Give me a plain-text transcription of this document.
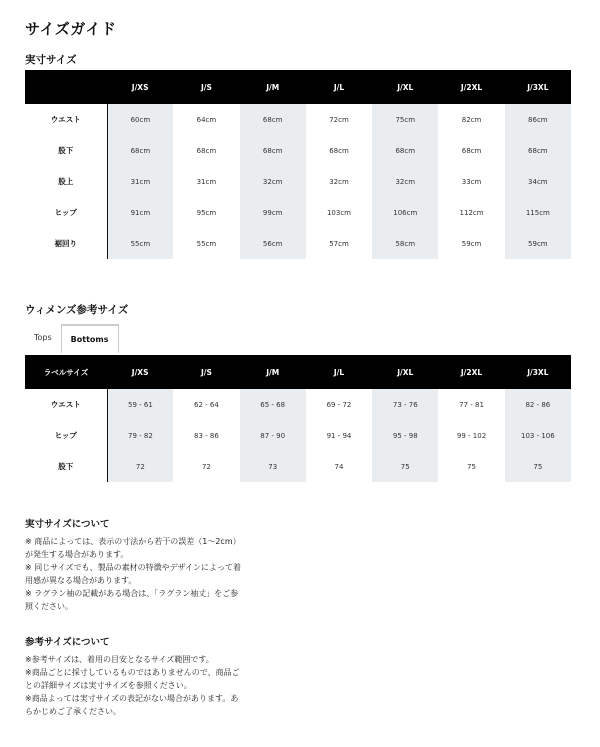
サイズガイド
実寸サイズ
	J/XS	J/S	J/M	J/L	J/XL	J/2XL	J/3XL
ウエスト	60cm	64cm	68cm	72cm	75cm	82cm	86cm
股下	68cm	68cm	68cm	68cm	68cm	68cm	68cm
股上	31cm	31cm	32cm	32cm	32cm	33cm	34cm
ヒップ	91cm	95cm	99cm	103cm	106cm	112cm	115cm
裾回り	55cm	55cm	56cm	57cm	58cm	59cm	59cm
ウィメンズ参考サイズ
Tops	Bottoms
ラベルサイズ	J/XS	J/S	J/M	J/L	J/XL	J/2XL	J/3XL
ウエスト	59 - 61	62 - 64	65 - 68	69 - 72	73 - 76	77 - 81	82 - 86
ヒップ	79 - 82	83 - 86	87 - 90	91 - 94	95 - 98	99 - 102	103 - 106
股下	72	72	73	74	75	75	75
実寸サイズについて
※ 商品によっては、表示の寸法から若干の誤差（1〜2cm）
が発生する場合があります。
※ 同じサイズでも、製品の素材の特徴やデザインによって着
用感が異なる場合があります。
※ ラグラン袖の記載がある場合は、「ラグラン袖丈」をご参
照ください。
参考サイズについて
※参考サイズは、着用の目安となるサイズ範囲です。
※商品ごとに採寸しているものではありませんので、商品ご
との詳細サイズは実寸サイズを参照ください。
※商品よっては実寸サイズの表記がない場合があります。あ
らかじめご了承ください。
